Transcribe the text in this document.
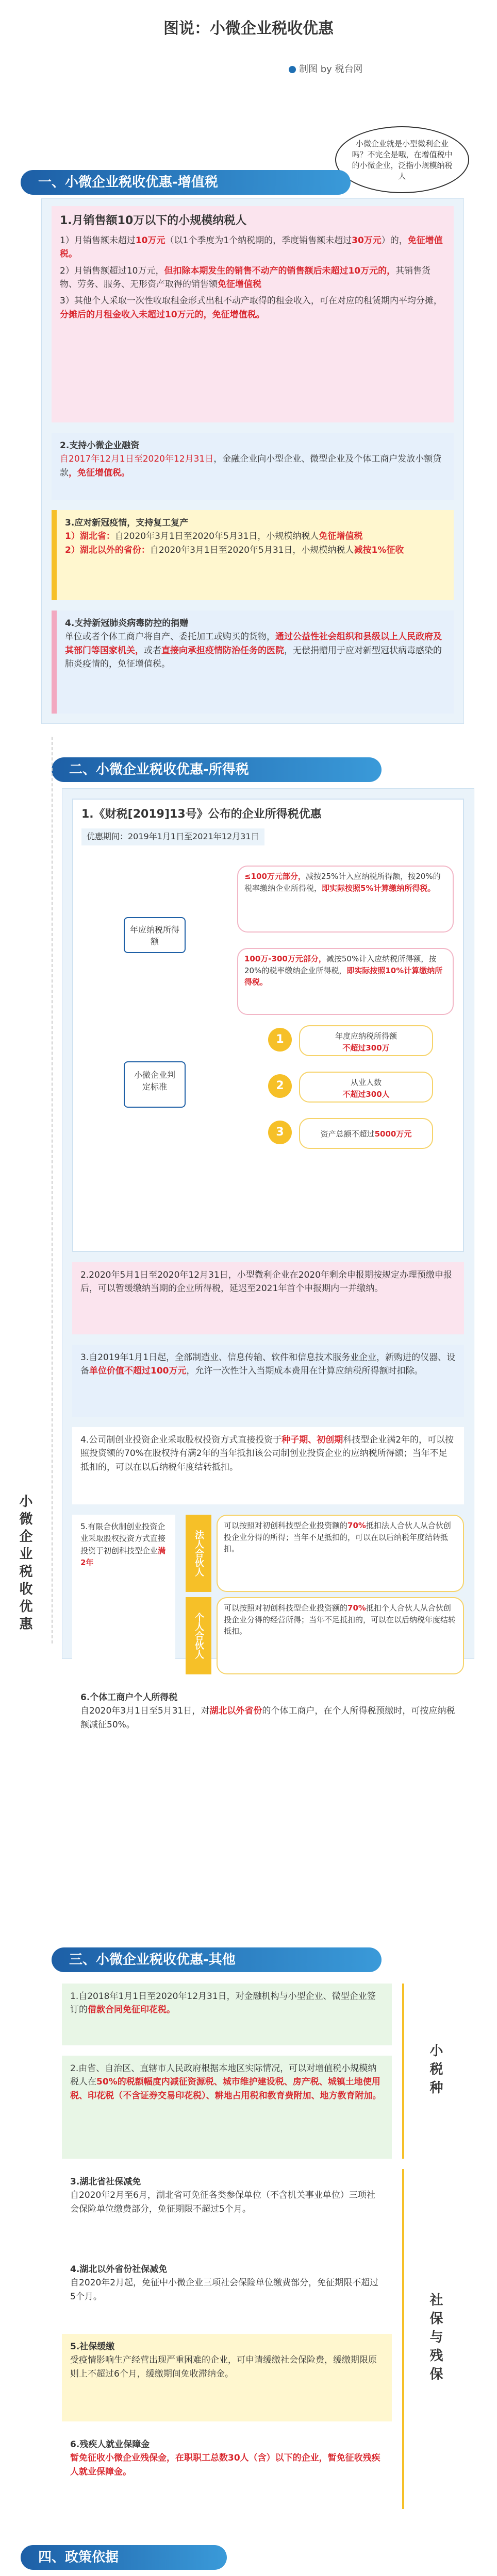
图说：小微企业税收优惠
制图 by 税台网
小微企业就是小型微利企业吗？不完全是哦，在增值税中的小微企业，泛指小规模纳税人
一、小微企业税收优惠-增值税
1.月销售额10万以下的小规模纳税人

1）月销售额未超过10万元（以1个季度为1个纳税期的，季度销售额未超过30万元）的，免征增值税。

2）月销售额超过10万元，但扣除本期发生的销售不动产的销售额后未超过10万元的，其销售货物、劳务、服务、无形资产取得的销售额免征增值税

3）其他个人采取一次性收取租金形式出租不动产取得的租金收入，可在对应的租赁期内平均分摊，分摊后的月租金收入未超过10万元的，免征增值税。

2.支持小微企业融资
自2017年12月1日至2020年12月31日，金融企业向小型企业、微型企业及个体工商户发放小额贷款，免征增值税。
3.应对新冠疫情，支持复工复产
1）湖北省：自2020年3月1日至2020年5月31日，小规模纳税人免征增值税
2）湖北以外的省份：自2020年3月1日至2020年5月31日，小规模纳税人减按1%征收
4.支持新冠肺炎病毒防控的捐赠
单位或者个体工商户将自产、委托加工或购买的货物，通过公益性社会组织和县级以上人民政府及其部门等国家机关，或者直接向承担疫情防治任务的医院，无偿捐赠用于应对新型冠状病毒感染的肺炎疫情的，免征增值税。
二、小微企业税收优惠-所得税
小微企业税收优惠
1.《财税[2019]13号》公布的企业所得税优惠
优惠期间：2019年1月1日至2021年12月31日
年应纳税所得额
≤100万元部分，减按25%计入应纳税所得额，按20%的税率缴纳企业所得税，即实际按照5%计算缴纳所得税。
100万-300万元部分，减按50%计入应纳税所得额，按20%的税率缴纳企业所得税，即实际按照10%计算缴纳所得税。
小微企业判定标准
1	年度应纳税所得额
不超过300万
2	从业人数
不超过300人
3	资产总额不超过5000万元
2.2020年5月1日至2020年12月31日，小型微利企业在2020年剩余申报期按规定办理预缴申报后，可以暂缓缴纳当期的企业所得税，延迟至2021年首个申报期内一并缴纳。
3.自2019年1月1日起，全部制造业、信息传输、软件和信息技术服务业企业，新购进的仪器、设备单位价值不超过100万元，允许一次性计入当期成本费用在计算应纳税所得额时扣除。
4.公司制创业投资企业采取股权投资方式直接投资于种子期、初创期科技型企业满2年的，可以按照投资额的70%在股权持有满2年的当年抵扣该公司制创业投资企业的应纳税所得额；当年不足抵扣的，可以在以后纳税年度结转抵扣。
5.有限合伙制创业投资企业采取股权投资方式直接投资于初创科技型企业满2年	法人合伙人
可以按照对初创科技型企业投资额的70%抵扣法人合伙人从合伙创投企业分得的所得；当年不足抵扣的，可以在以后纳税年度结转抵扣。
个人合伙人
可以按照对初创科技型企业投资额的70%抵扣个人合伙人从合伙创投企业分得的经营所得；当年不足抵扣的，可以在以后纳税年度结转抵扣。
6.个体工商户个人所得税
自2020年3月1日至5月31日，对湖北以外省份的个体工商户，在个人所得税预缴时，可按应纳税额减征50%。
三、小微企业税收优惠-其他
1.自2018年1月1日至2020年12月31日，对金融机构与小型企业、微型企业签订的借款合同免征印花税。
2.由省、自治区、直辖市人民政府根据本地区实际情况，可以对增值税小规模纳税人在50%的税额幅度内减征资源税、城市维护建设税、房产税、城镇土地使用税、印花税（不含证券交易印花税）、耕地占用税和教育费附加、地方教育附加。	小税种
3.湖北省社保减免
自2020年2月至6月，湖北省可免征各类参保单位（不含机关事业单位）三项社会保险单位缴费部分，免征期限不超过5个月。
4.湖北以外省份社保减免
自2020年2月起，免征中小微企业三项社会保险单位缴费部分，免征期限不超过5个月。
5.社保缓缴
受疫情影响生产经营出现严重困难的企业，可申请缓缴社会保险费，缓缴期限原则上不超过6个月，缓缴期间免收滞纳金。
6.残疾人就业保障金
暂免征收小微企业残保金，在职职工总数30人（含）以下的企业，暂免征收残疾人就业保障金。
社保与残保
四、政策依据
